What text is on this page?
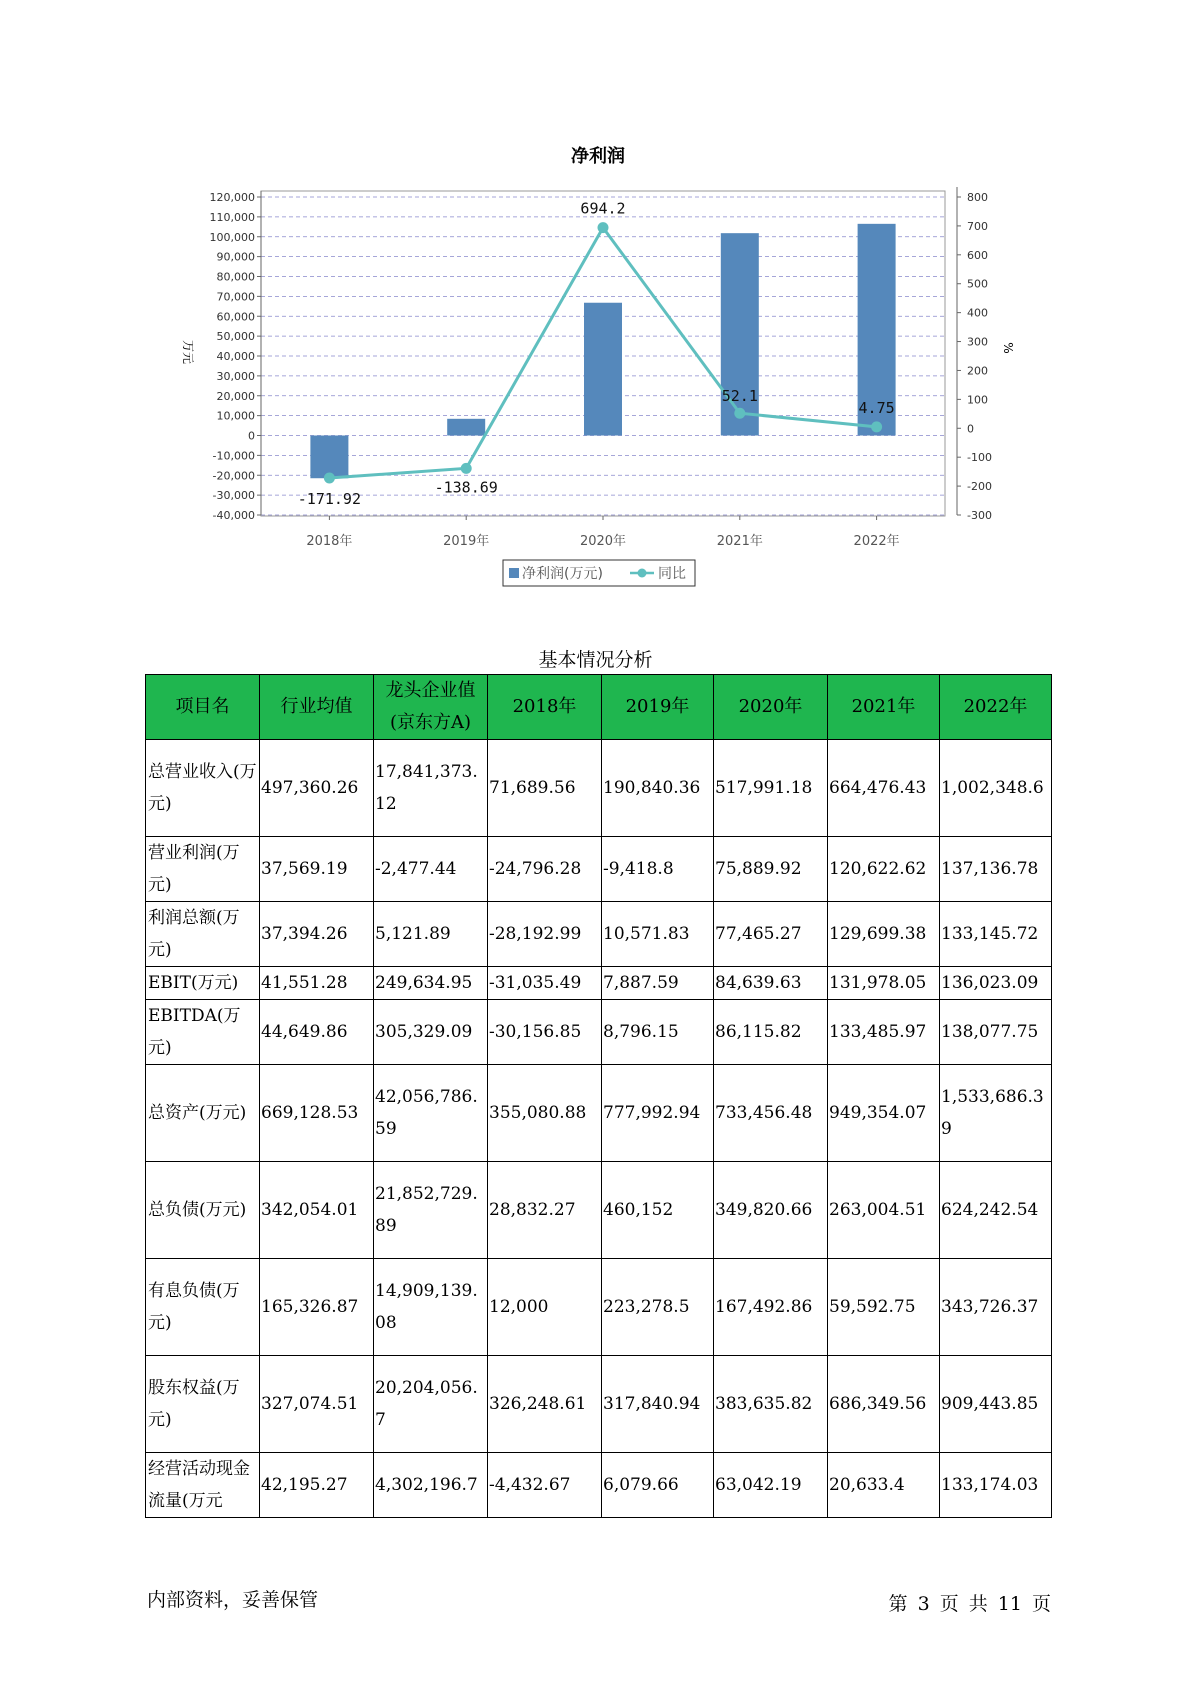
净利润
120,000
110,000
100,000
90,000
80,000
70,000
60,000
50,000
40,000
30,000
20,000
10,000
0
-10,000
-20,000
-30,000
-40,000
800
700
600
500
400
300
200
100
0
-100
-200
-300
-171.92
-138.69
694.2
52.1
4.75
2018年	2019年	2020年	2021年	2022年
万元	%
净利润(万元)	同比
基本情况分析
项目名	行业均值	龙头企业值(京东方A)	2018年	2019年	2020年	2021年	2022年
总营业收入(万元)	497,360.26	17,841,373.12	71,689.56	190,840.36	517,991.18	664,476.43	1,002,348.6
营业利润(万元)	37,569.19	-2,477.44	-24,796.28	-9,418.8	75,889.92	120,622.62	137,136.78
利润总额(万元)	37,394.26	5,121.89	-28,192.99	10,571.83	77,465.27	129,699.38	133,145.72
EBIT(万元)	41,551.28	249,634.95	-31,035.49	7,887.59	84,639.63	131,978.05	136,023.09
EBITDA(万元)	44,649.86	305,329.09	-30,156.85	8,796.15	86,115.82	133,485.97	138,077.75
总资产(万元)	669,128.53	42,056,786.59	355,080.88	777,992.94	733,456.48	949,354.07	1,533,686.39
总负债(万元)	342,054.01	21,852,729.89	28,832.27	460,152	349,820.66	263,004.51	624,242.54
有息负债(万元)	165,326.87	14,909,139.08	12,000	223,278.5	167,492.86	59,592.75	343,726.37
股东权益(万元)	327,074.51	20,204,056.7	326,248.61	317,840.94	383,635.82	686,349.56	909,443.85
经营活动现金流量(万元	42,195.27	4,302,196.7	-4,432.67	6,079.66	63,042.19	20,633.4	133,174.03
内部资料，妥善保管	第 3 页 共 11 页
